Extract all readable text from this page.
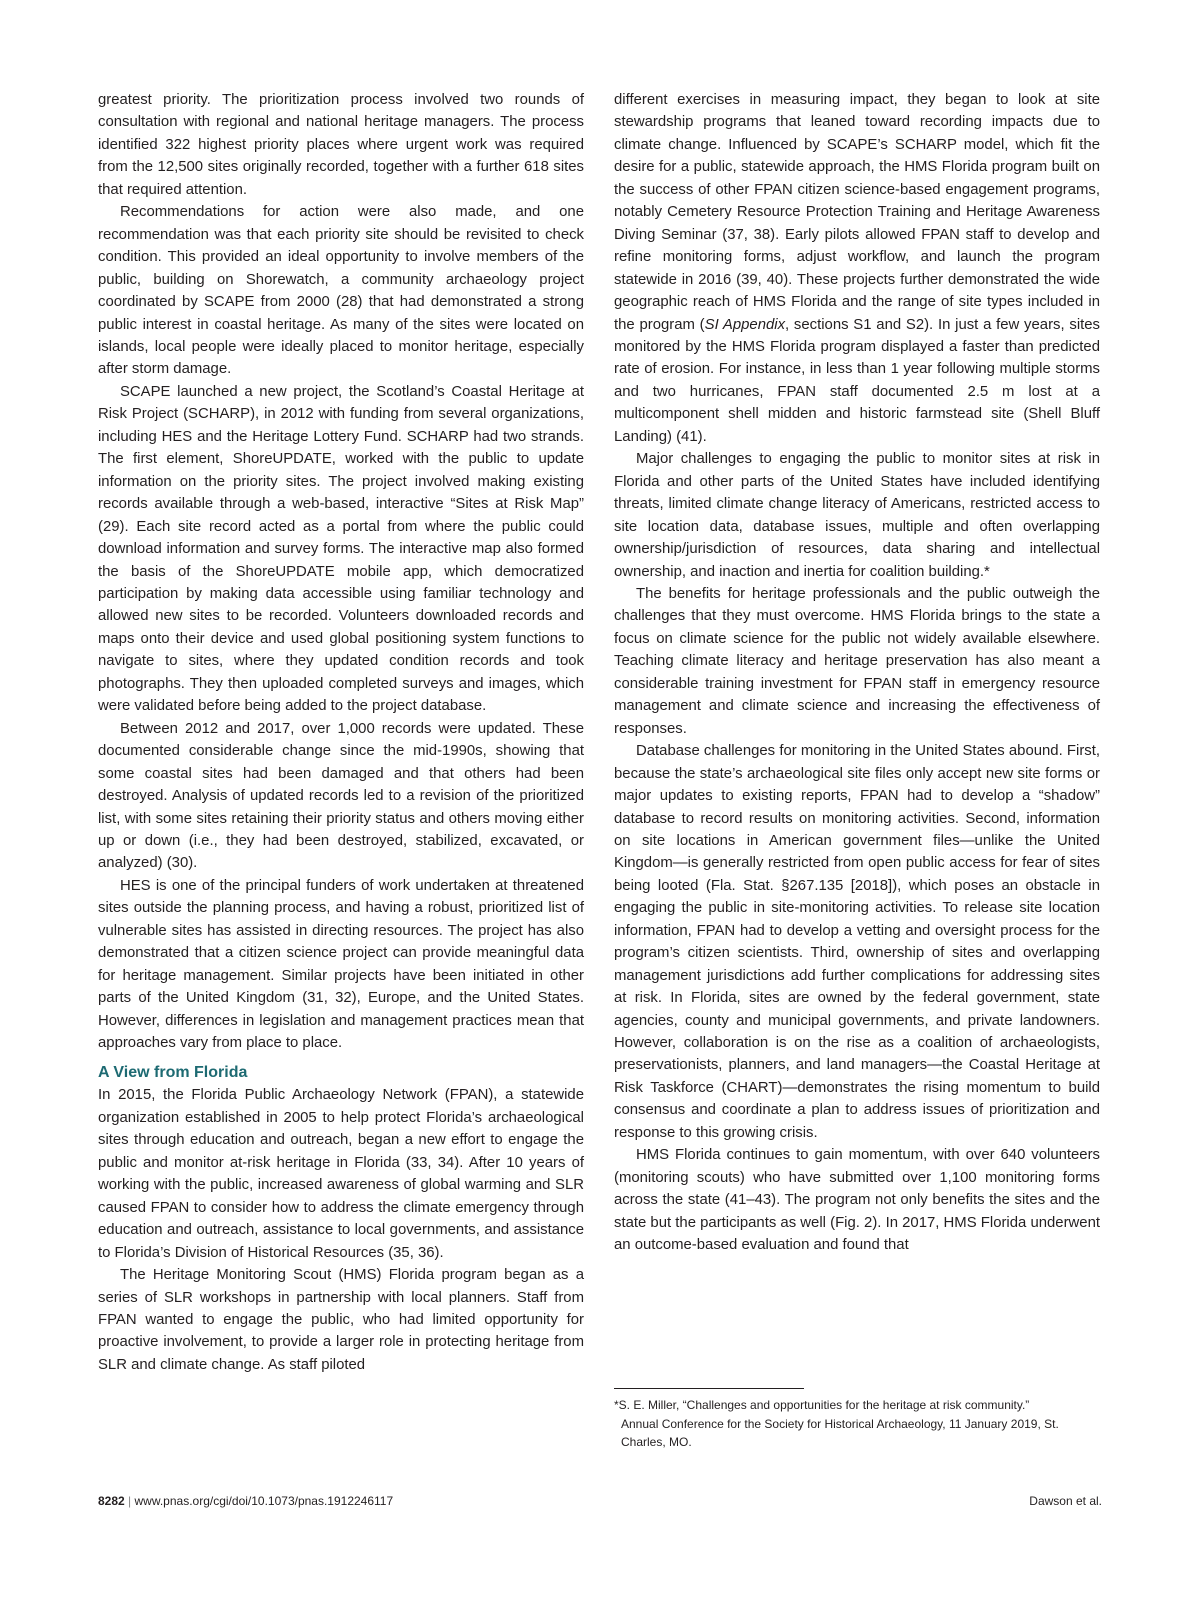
greatest priority. The prioritization process involved two rounds of consultation with regional and national heritage managers. The process identified 322 highest priority places where urgent work was required from the 12,500 sites originally recorded, together with a further 618 sites that required attention.

Recommendations for action were also made, and one recommendation was that each priority site should be revisited to check condition. This provided an ideal opportunity to involve members of the public, building on Shorewatch, a community archaeology project coordinated by SCAPE from 2000 (28) that had demonstrated a strong public interest in coastal heritage. As many of the sites were located on islands, local people were ideally placed to monitor heritage, especially after storm damage.

SCAPE launched a new project, the Scotland’s Coastal Heritage at Risk Project (SCHARP), in 2012 with funding from several organizations, including HES and the Heritage Lottery Fund. SCHARP had two strands. The first element, ShoreUPDATE, worked with the public to update information on the priority sites. The project involved making existing records available through a web-based, interactive “Sites at Risk Map” (29). Each site record acted as a portal from where the public could download information and survey forms. The interactive map also formed the basis of the ShoreUPDATE mobile app, which democratized participation by making data accessible using familiar technology and allowed new sites to be recorded. Volunteers downloaded records and maps onto their device and used global positioning system functions to navigate to sites, where they updated condition records and took photographs. They then uploaded completed surveys and images, which were validated before being added to the project database.

Between 2012 and 2017, over 1,000 records were updated. These documented considerable change since the mid-1990s, showing that some coastal sites had been damaged and that others had been destroyed. Analysis of updated records led to a revision of the prioritized list, with some sites retaining their priority status and others moving either up or down (i.e., they had been destroyed, stabilized, excavated, or analyzed) (30).

HES is one of the principal funders of work undertaken at threatened sites outside the planning process, and having a robust, prioritized list of vulnerable sites has assisted in directing resources. The project has also demonstrated that a citizen science project can provide meaningful data for heritage management. Similar projects have been initiated in other parts of the United Kingdom (31, 32), Europe, and the United States. However, differences in legislation and management practices mean that approaches vary from place to place.

A View from Florida

In 2015, the Florida Public Archaeology Network (FPAN), a statewide organization established in 2005 to help protect Florida’s archaeological sites through education and outreach, began a new effort to engage the public and monitor at-risk heritage in Florida (33, 34). After 10 years of working with the public, increased awareness of global warming and SLR caused FPAN to consider how to address the climate emergency through education and outreach, assistance to local governments, and assistance to Florida’s Division of Historical Resources (35, 36).

The Heritage Monitoring Scout (HMS) Florida program began as a series of SLR workshops in partnership with local planners. Staff from FPAN wanted to engage the public, who had limited opportunity for proactive involvement, to provide a larger role in protecting heritage from SLR and climate change. As staff piloted

different exercises in measuring impact, they began to look at site stewardship programs that leaned toward recording impacts due to climate change. Influenced by SCAPE’s SCHARP model, which fit the desire for a public, statewide approach, the HMS Florida program built on the success of other FPAN citizen science-based engagement programs, notably Cemetery Resource Protection Training and Heritage Awareness Diving Seminar (37, 38). Early pilots allowed FPAN staff to develop and refine monitoring forms, adjust workflow, and launch the program statewide in 2016 (39, 40). These projects further demonstrated the wide geographic reach of HMS Florida and the range of site types included in the program (SI Appendix, sections S1 and S2). In just a few years, sites monitored by the HMS Florida program displayed a faster than predicted rate of erosion. For instance, in less than 1 year following multiple storms and two hurricanes, FPAN staff documented 2.5 m lost at a multicomponent shell midden and historic farmstead site (Shell Bluff Landing) (41).

Major challenges to engaging the public to monitor sites at risk in Florida and other parts of the United States have included identifying threats, limited climate change literacy of Americans, restricted access to site location data, database issues, multiple and often overlapping ownership/jurisdiction of resources, data sharing and intellectual ownership, and inaction and inertia for coalition building.*

The benefits for heritage professionals and the public outweigh the challenges that they must overcome. HMS Florida brings to the state a focus on climate science for the public not widely available elsewhere. Teaching climate literacy and heritage preservation has also meant a considerable training investment for FPAN staff in emergency resource management and climate science and increasing the effectiveness of responses.

Database challenges for monitoring in the United States abound. First, because the state’s archaeological site files only accept new site forms or major updates to existing reports, FPAN had to develop a “shadow” database to record results on monitoring activities. Second, information on site locations in American government files—unlike the United Kingdom—is generally restricted from open public access for fear of sites being looted (Fla. Stat. §267.135 [2018]), which poses an obstacle in engaging the public in site-monitoring activities. To release site location information, FPAN had to develop a vetting and oversight process for the program’s citizen scientists. Third, ownership of sites and overlapping management jurisdictions add further complications for addressing sites at risk. In Florida, sites are owned by the federal government, state agencies, county and municipal governments, and private landowners. However, collaboration is on the rise as a coalition of archaeologists, preservationists, planners, and land managers—the Coastal Heritage at Risk Taskforce (CHART)—demonstrates the rising momentum to build consensus and coordinate a plan to address issues of prioritization and response to this growing crisis.

HMS Florida continues to gain momentum, with over 640 volunteers (monitoring scouts) who have submitted over 1,100 monitoring forms across the state (41–43). The program not only benefits the sites and the state but the participants as well (Fig. 2). In 2017, HMS Florida underwent an outcome-based evaluation and found that

*S. E. Miller, “Challenges and opportunities for the heritage at risk community.”
Annual Conference for the Society for Historical Archaeology, 11 January 2019, St. Charles, MO.

8282 | www.pnas.org/cgi/doi/10.1073/pnas.1912246117	Dawson et al.
